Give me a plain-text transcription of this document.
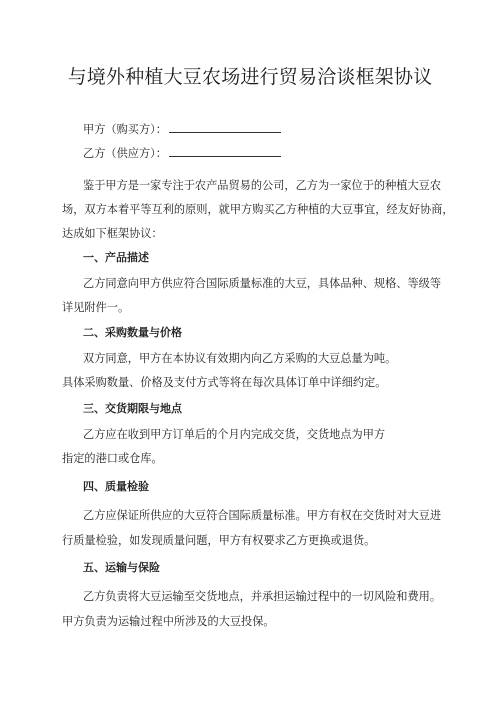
与境外种植大豆农场进行贸易洽谈框架协议
甲方（购买方）：
乙方（供应方）：
鉴于甲方是一家专注于农产品贸易的公司，乙方为一家位于的种植大豆农
场，双方本着平等互利的原则，就甲方购买乙方种植的大豆事宜，经友好协商，
达成如下框架协议：
一、产品描述
乙方同意向甲方供应符合国际质量标准的大豆，具体品种、规格、等级等
详见附件一。
二、采购数量与价格
双方同意，甲方在本协议有效期内向乙方采购的大豆总量为吨。
具体采购数量、价格及支付方式等将在每次具体订单中详细约定。
三、交货期限与地点
乙方应在收到甲方订单后的个月内完成交货，交货地点为甲方
指定的港口或仓库。
四、质量检验
乙方应保证所供应的大豆符合国际质量标准。甲方有权在交货时对大豆进
行质量检验，如发现质量问题，甲方有权要求乙方更换或退货。
五、运输与保险
乙方负责将大豆运输至交货地点，并承担运输过程中的一切风险和费用。
甲方负责为运输过程中所涉及的大豆投保。
